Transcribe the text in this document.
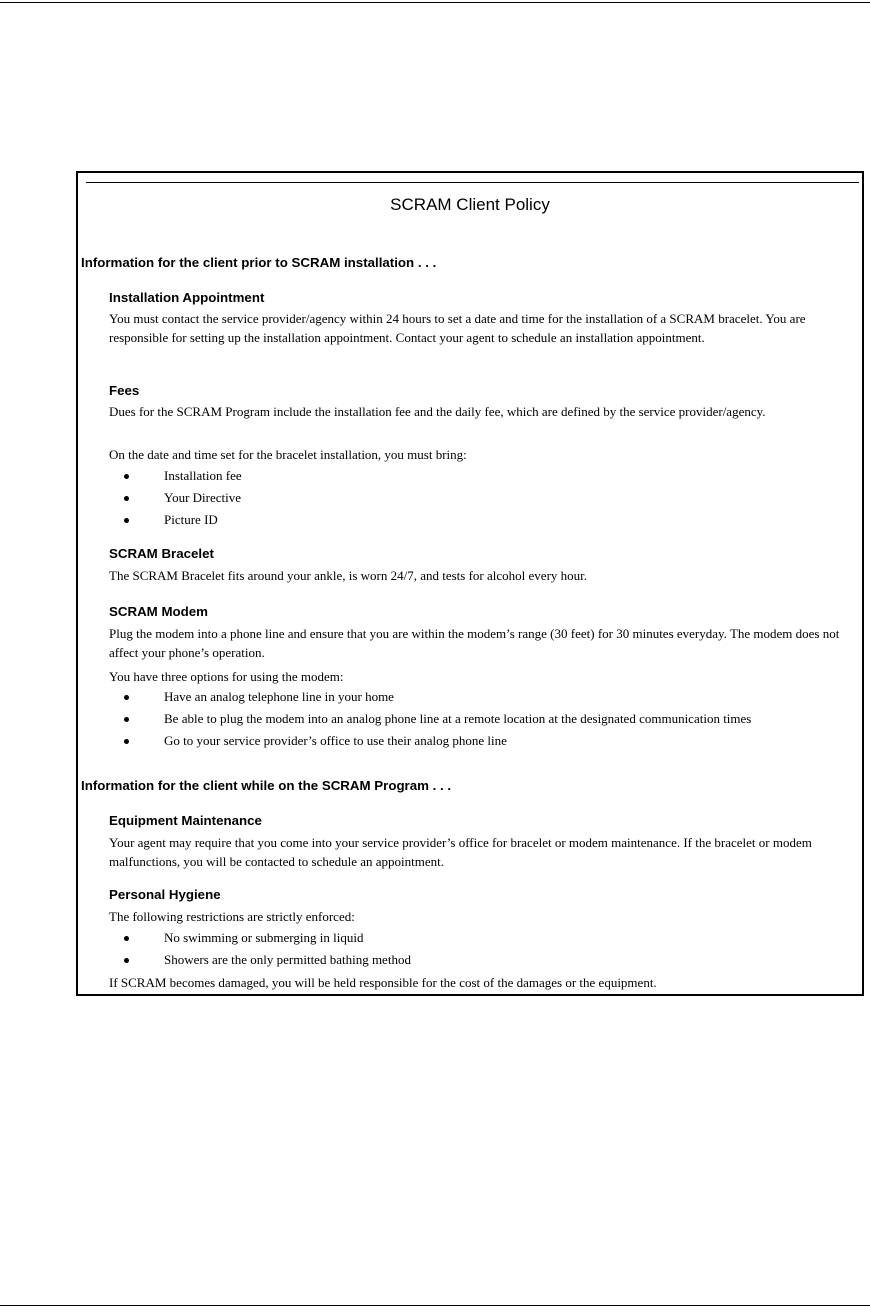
SCRAM Client Policy
Information for the client prior to SCRAM installation . . .
Installation Appointment
You must contact the service provider/agency within 24 hours to set a date and time for the installation of a SCRAM bracelet. You are responsible for setting up the installation appointment. Contact your agent to schedule an installation appointment.
Fees
Dues for the SCRAM Program include the installation fee and the daily fee, which are defined by the service provider/agency.
On the date and time set for the bracelet installation, you must bring:
Installation fee
Your Directive
Picture ID
SCRAM Bracelet
The SCRAM Bracelet fits around your ankle, is worn 24/7, and tests for alcohol every hour.
SCRAM Modem
Plug the modem into a phone line and ensure that you are within the modem’s range (30 feet) for 30 minutes everyday. The modem does not affect your phone’s operation.
You have three options for using the modem:
Have an analog telephone line in your home
Be able to plug the modem into an analog phone line at a remote location at the designated communication times
Go to your service provider’s office to use their analog phone line
Information for the client while on the SCRAM Program . . .
Equipment Maintenance
Your agent may require that you come into your service provider’s office for bracelet or modem maintenance. If the bracelet or modem malfunctions, you will be contacted to schedule an appointment.
Personal Hygiene
The following restrictions are strictly enforced:
No swimming or submerging in liquid
Showers are the only permitted bathing method
If SCRAM becomes damaged, you will be held responsible for the cost of the damages or the equipment.
